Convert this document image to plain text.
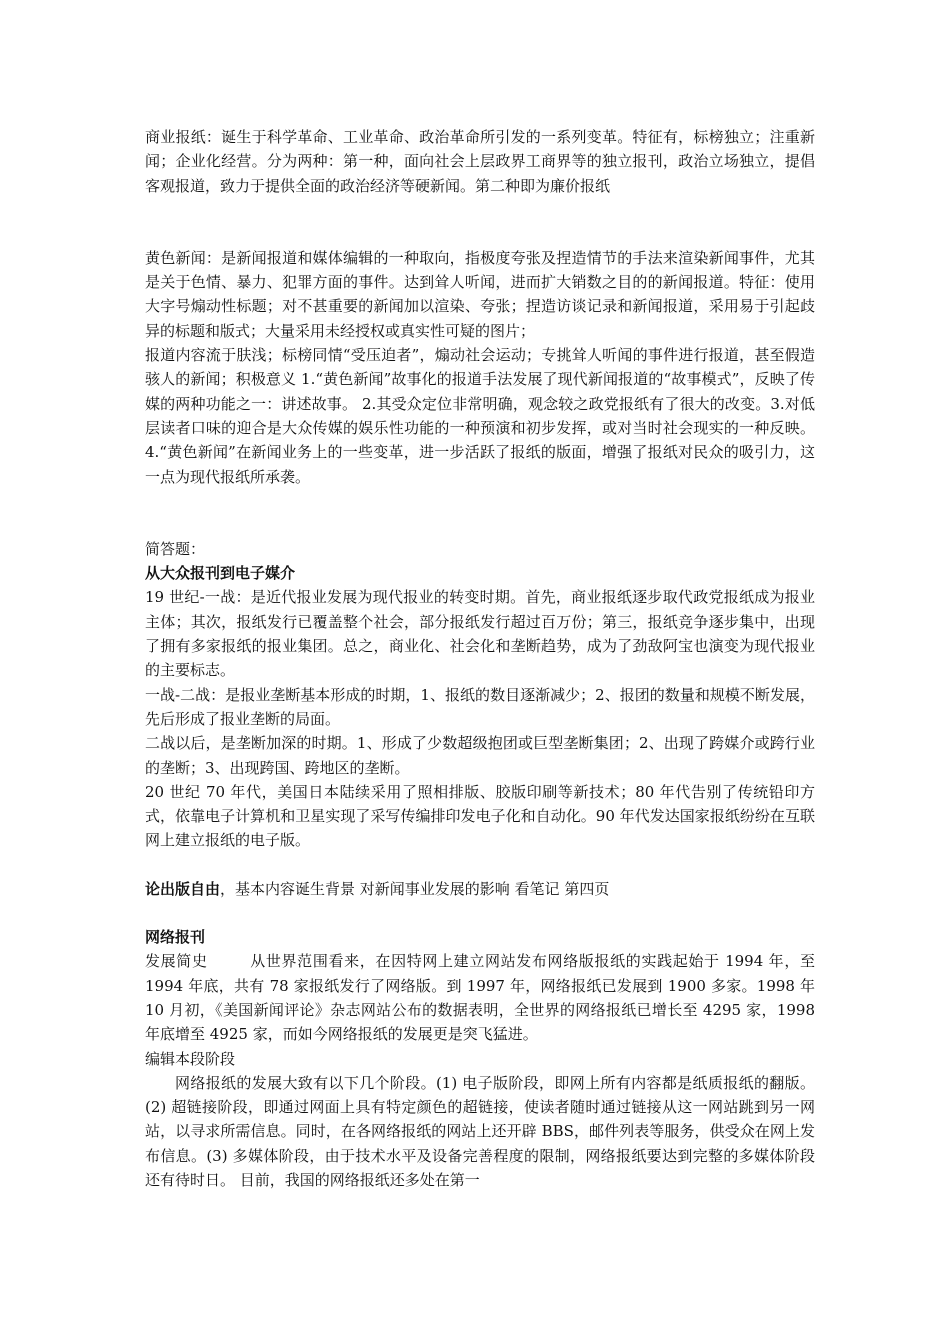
商业报纸：诞生于科学革命、工业革命、政治革命所引发的一系列变革。特征有，标榜独立；注重新闻；企业化经营。分为两种：第一种，面向社会上层政界工商界等的独立报刊，政治立场独立，提倡客观报道，致力于提供全面的政治经济等硬新闻。第二种即为廉价报纸

黄色新闻：是新闻报道和媒体编辑的一种取向，指极度夸张及捏造情节的手法来渲染新闻事件，尤其是关于色情、暴力、犯罪方面的事件。达到耸人听闻，进而扩大销数之目的的新闻报道。特征：使用大字号煽动性标题；对不甚重要的新闻加以渲染、夸张；捏造访谈记录和新闻报道，采用易于引起歧异的标题和版式；大量采用未经授权或真实性可疑的图片；

报道内容流于肤浅；标榜同情“受压迫者”，煽动社会运动；专挑耸人听闻的事件进行报道，甚至假造骇人的新闻；积极意义 1.“黄色新闻”故事化的报道手法发展了现代新闻报道的“故事模式”，反映了传媒的两种功能之一：讲述故事。 2.其受众定位非常明确，观念较之政党报纸有了很大的改变。3.对低层读者口味的迎合是大众传媒的娱乐性功能的一种预演和初步发挥，或对当时社会现实的一种反映。4.“黄色新闻”在新闻业务上的一些变革，进一步活跃了报纸的版面，增强了报纸对民众的吸引力，这一点为现代报纸所承袭。

简答题：

从大众报刊到电子媒介

19 世纪-一战：是近代报业发展为现代报业的转变时期。首先，商业报纸逐步取代政党报纸成为报业主体；其次，报纸发行已覆盖整个社会，部分报纸发行超过百万份；第三，报纸竞争逐步集中，出现了拥有多家报纸的报业集团。总之，商业化、社会化和垄断趋势，成为了劲敌阿宝也演变为现代报业的主要标志。

一战-二战：是报业垄断基本形成的时期，1、报纸的数目逐渐减少；2、报团的数量和规模不断发展，先后形成了报业垄断的局面。

二战以后，是垄断加深的时期。1、形成了少数超级抱团或巨型垄断集团；2、出现了跨媒介或跨行业的垄断；3、出现跨国、跨地区的垄断。

20 世纪 70 年代，美国日本陆续采用了照相排版、胶版印刷等新技术；80 年代告别了传统铅印方式，依靠电子计算机和卫星实现了采写传编排印发电子化和自动化。90 年代发达国家报纸纷纷在互联网上建立报纸的电子版。

论出版自由，基本内容诞生背景 对新闻事业发展的影响 看笔记 第四页

网络报刊

发展简史	从世界范围看来，在因特网上建立网站发布网络版报纸的实践起始于 1994 年，至 1994 年底，共有 78 家报纸发行了网络版。到 1997 年，网络报纸已发展到 1900 多家。1998 年 10 月初，《美国新闻评论》杂志网站公布的数据表明，全世界的网络报纸已增长至 4295 家，1998 年底增至 4925 家，而如今网络报纸的发展更是突飞猛进。

编辑本段阶段

网络报纸的发展大致有以下几个阶段。(1) 电子版阶段，即网上所有内容都是纸质报纸的翻版。(2) 超链接阶段，即通过网面上具有特定颜色的超链接，使读者随时通过链接从这一网站跳到另一网站，以寻求所需信息。同时，在各网络报纸的网站上还开辟 BBS，邮件列表等服务，供受众在网上发布信息。(3) 多媒体阶段，由于技术水平及设备完善程度的限制，网络报纸要达到完整的多媒体阶段还有待时日。 目前，我国的网络报纸还多处在第一
